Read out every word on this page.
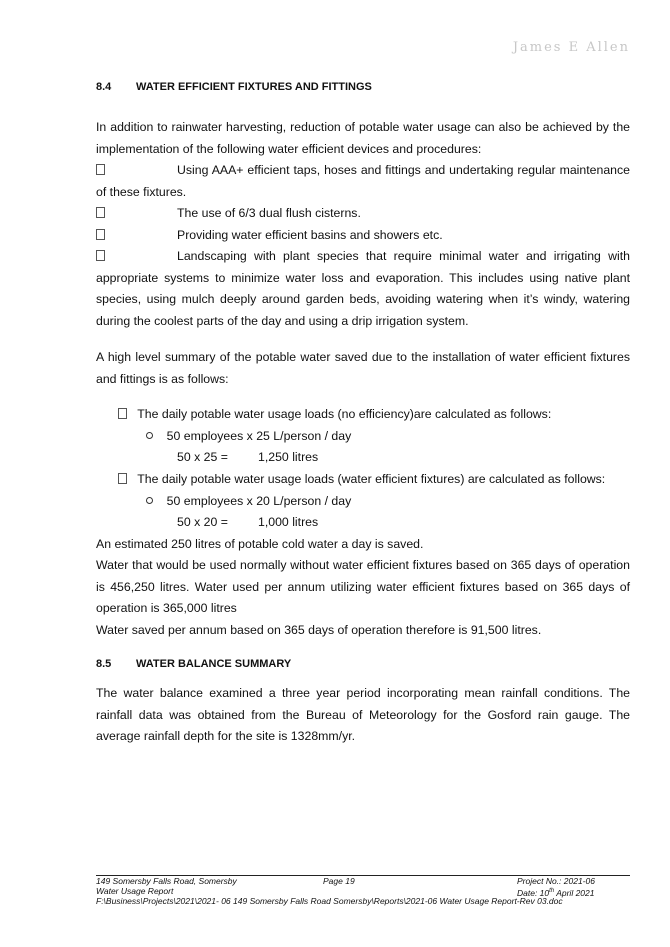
James E Allen
8.4 WATER EFFICIENT FIXTURES AND FITTINGS

In addition to rainwater harvesting, reduction of potable water usage can also be achieved by the implementation of the following water efficient devices and procedures:

Using AAA+ efficient taps, hoses and fittings and undertaking regular maintenance of these fixtures.

The use of 6/3 dual flush cisterns.
Providing water efficient basins and showers etc.

Landscaping with plant species that require minimal water and irrigating with appropriate systems to minimize water loss and evaporation. This includes using native plant species, using mulch deeply around garden beds, avoiding watering when it’s windy, watering during the coolest parts of the day and using a drip irrigation system.

A high level summary of the potable water saved due to the installation of water efficient fixtures and fittings is as follows:

The daily potable water usage loads (no efficiency)are calculated as follows:
50 employees x 25 L/person / day
50 x 25 = 1,250 litres
The daily potable water usage loads (water efficient fixtures) are calculated as follows:
50 employees x 20 L/person / day
50 x 20 = 1,000 litres
An estimated 250 litres of potable cold water a day is saved.

Water that would be used normally without water efficient fixtures based on 365 days of operation is 456,250 litres. Water used per annum utilizing water efficient fixtures based on 365 days of operation is 365,000 litres

Water saved per annum based on 365 days of operation therefore is 91,500 litres.
8.5 WATER BALANCE SUMMARY

The water balance examined a three year period incorporating mean rainfall conditions. The rainfall data was obtained from the Bureau of Meteorology for the Gosford rain gauge. The average rainfall depth for the site is 1328mm/yr.

149 Somersby Falls Road, Somersby
Water Usage Report
F:\Business\Projects\2021\2021- 06 149 Somersby Falls Road Somersby\Reports\2021-06 Water Usage Report-Rev 03.doc
Page 19	Project No.: 2021-06
Date: 10th April 2021
